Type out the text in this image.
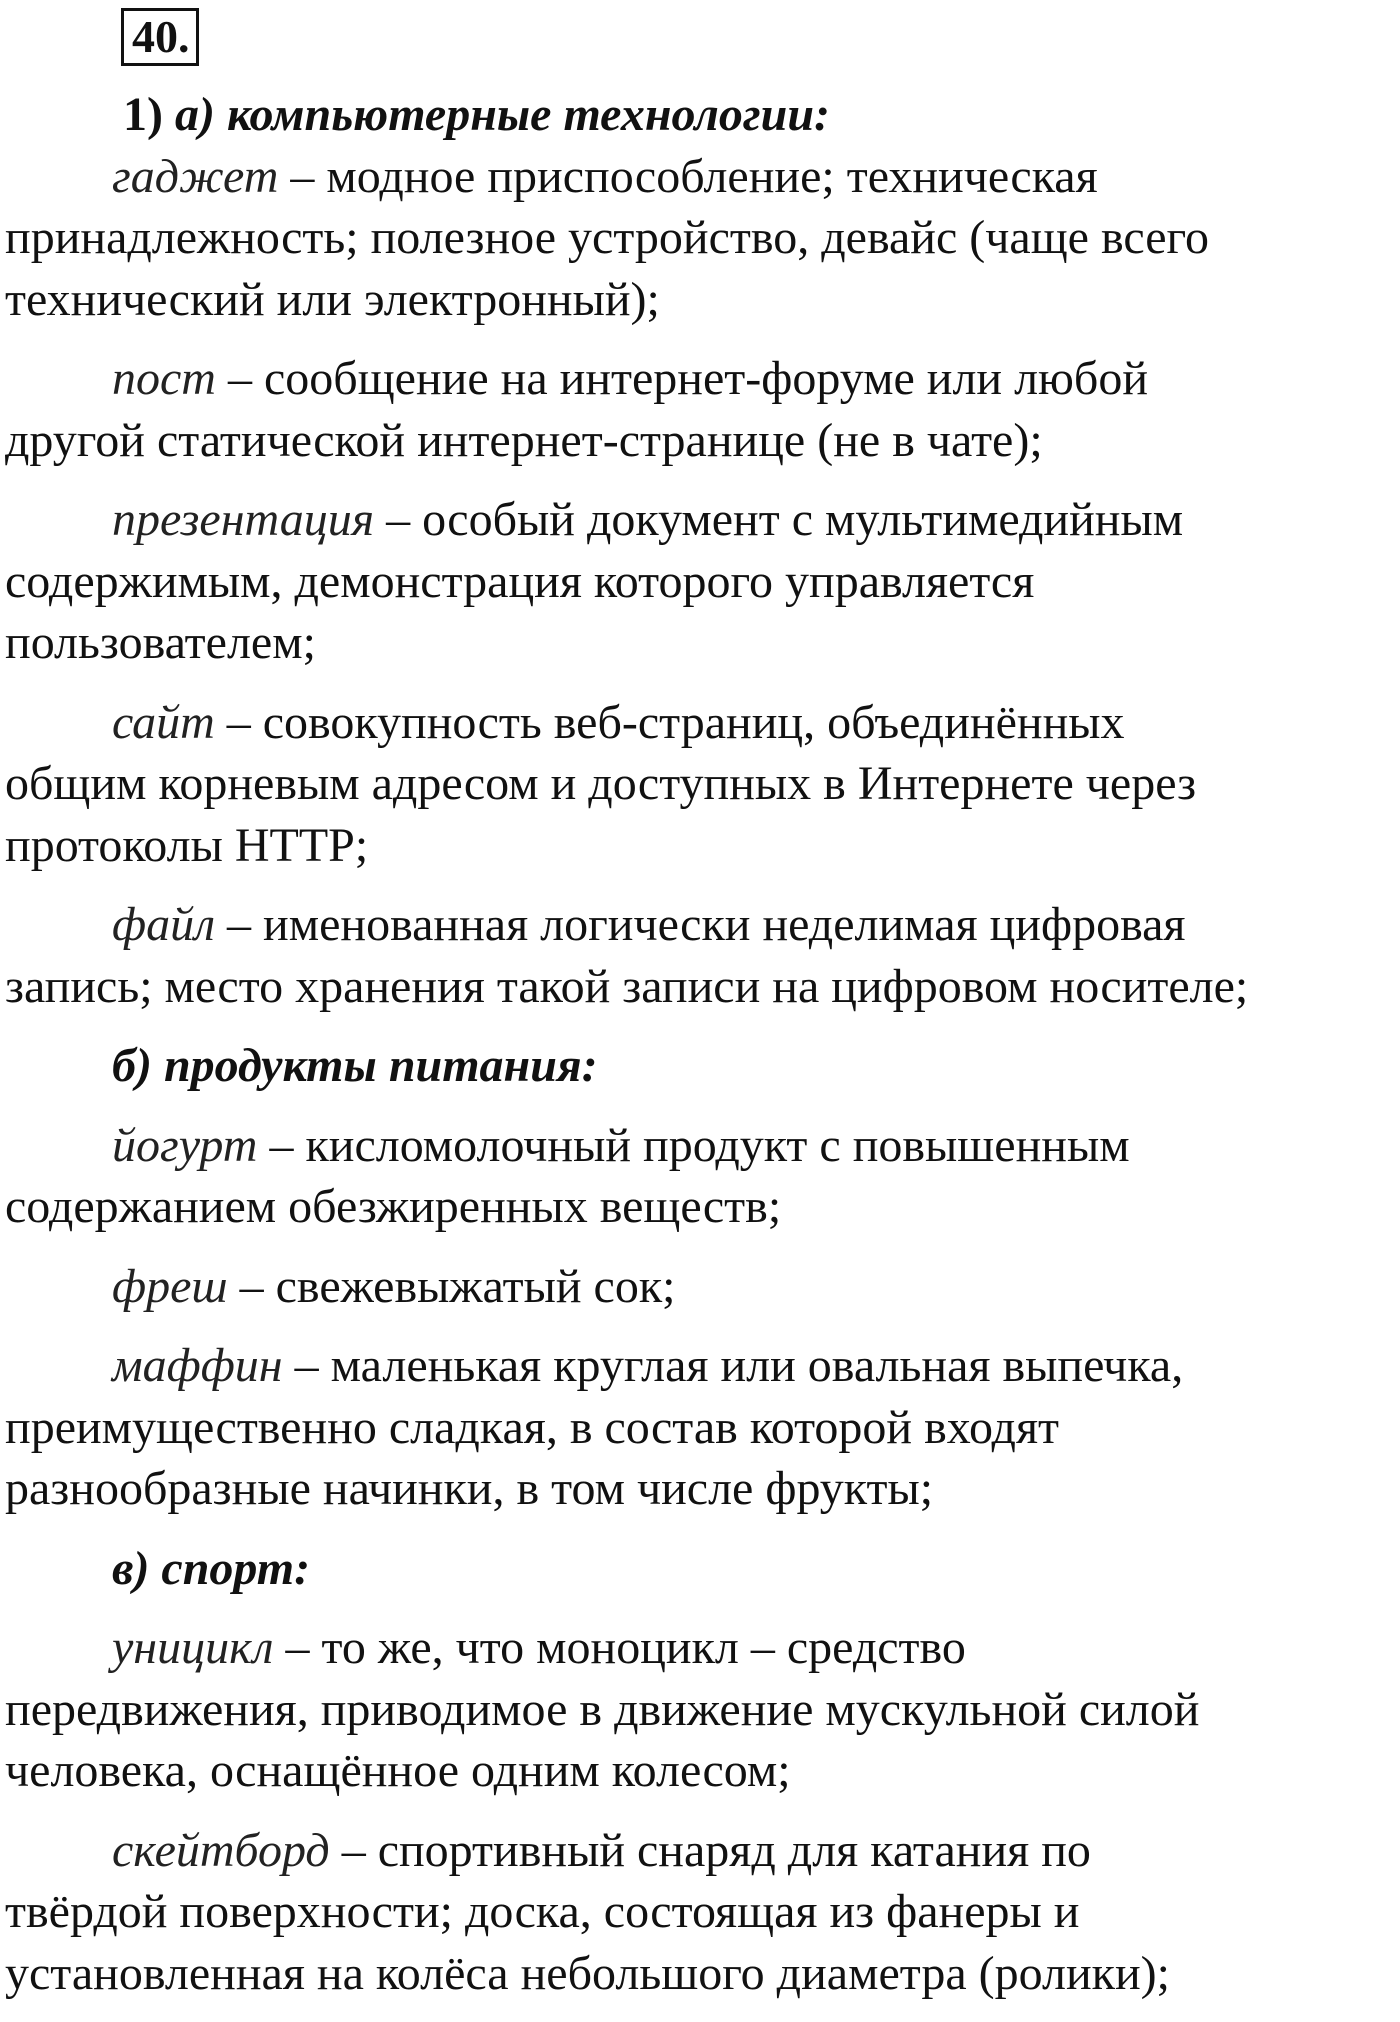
40.
1) а) компьютерные технологии:
гаджет – модное приспособление; техническая
принадлежность; полезное устройство, девайс (чаще всего
технический или электронный);
пост – сообщение на интернет-форуме или любой
другой статической интернет-странице (не в чате);
презентация – особый документ с мультимедийным
содержимым, демонстрация которого управляется
пользователем;
сайт – совокупность веб-страниц, объединённых
общим корневым адресом и доступных в Интернете через
протоколы HTTP;
файл – именованная логически неделимая цифровая
запись; место хранения такой записи на цифровом носителе;
б) продукты питания:
йогурт – кисломолочный продукт с повышенным
содержанием обезжиренных веществ;
фреш – свежевыжатый сок;
маффин – маленькая круглая или овальная выпечка,
преимущественно сладкая, в состав которой входят
разнообразные начинки, в том числе фрукты;
в) спорт:
уницикл – то же, что моноцикл – средство
передвижения, приводимое в движение мускульной силой
человека, оснащённое одним колесом;
скейтборд – спортивный снаряд для катания по
твёрдой поверхности; доска, состоящая из фанеры и
установленная на колёса небольшого диаметра (ролики);
